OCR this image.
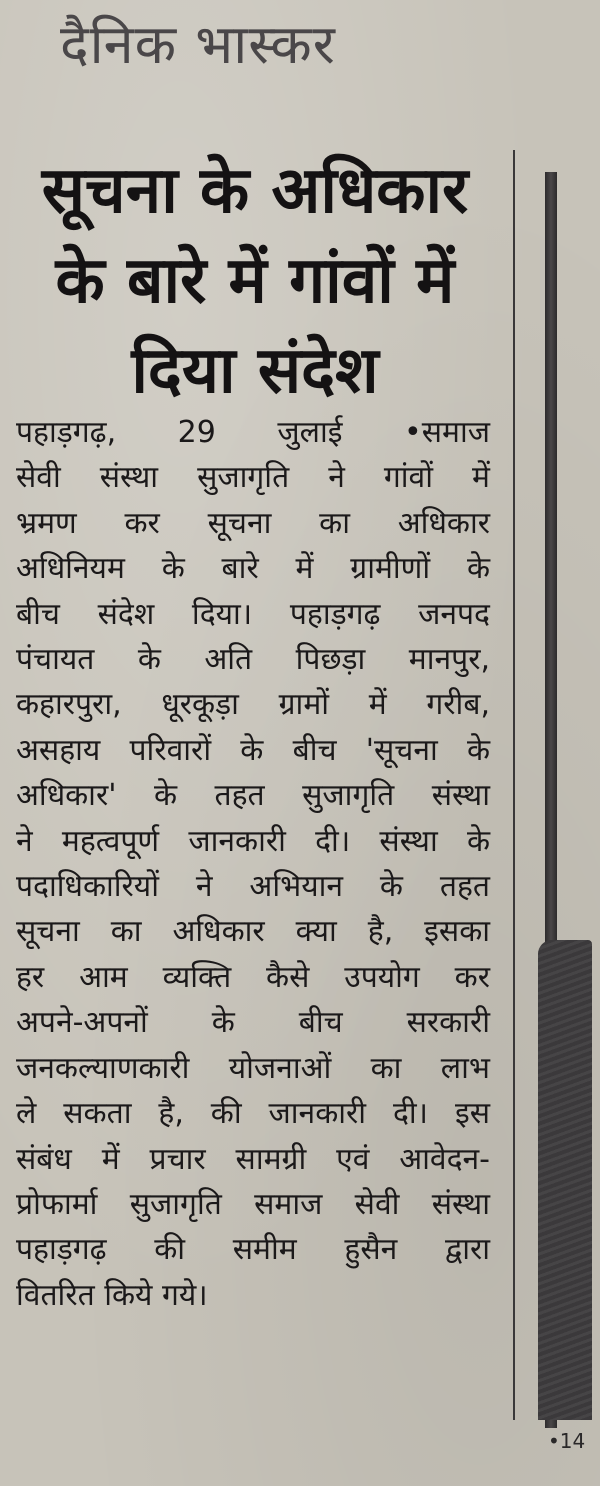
दैनिक भास्कर
सूचना के अधिकार
के बारे में गांवों में
दिया संदेश
पहाड़गढ़, 29 जुलाई •समाज
सेवी संस्था सुजागृति ने गांवों में
भ्रमण कर सूचना का अधिकार
अधिनियम के बारे में ग्रामीणों के
बीच संदेश दिया। पहाड़गढ़ जनपद
पंचायत के अति पिछड़ा मानपुर,
कहारपुरा, धूरकूड़ा ग्रामों में गरीब,
असहाय परिवारों के बीच 'सूचना के
अधिकार' के तहत सुजागृति संस्था
ने महत्वपूर्ण जानकारी दी। संस्था के
पदाधिकारियों ने अभियान के तहत
सूचना का अधिकार क्या है, इसका
हर आम व्यक्ति कैसे उपयोग कर
अपने-अपनों के बीच सरकारी
जनकल्याणकारी योजनाओं का लाभ
ले सकता है, की जानकारी दी। इस
संबंध में प्रचार सामग्री एवं आवेदन-
प्रोफार्मा सुजागृति समाज सेवी संस्था
पहाड़गढ़ की समीम हुसैन द्वारा
वितरित किये गये।
•14
